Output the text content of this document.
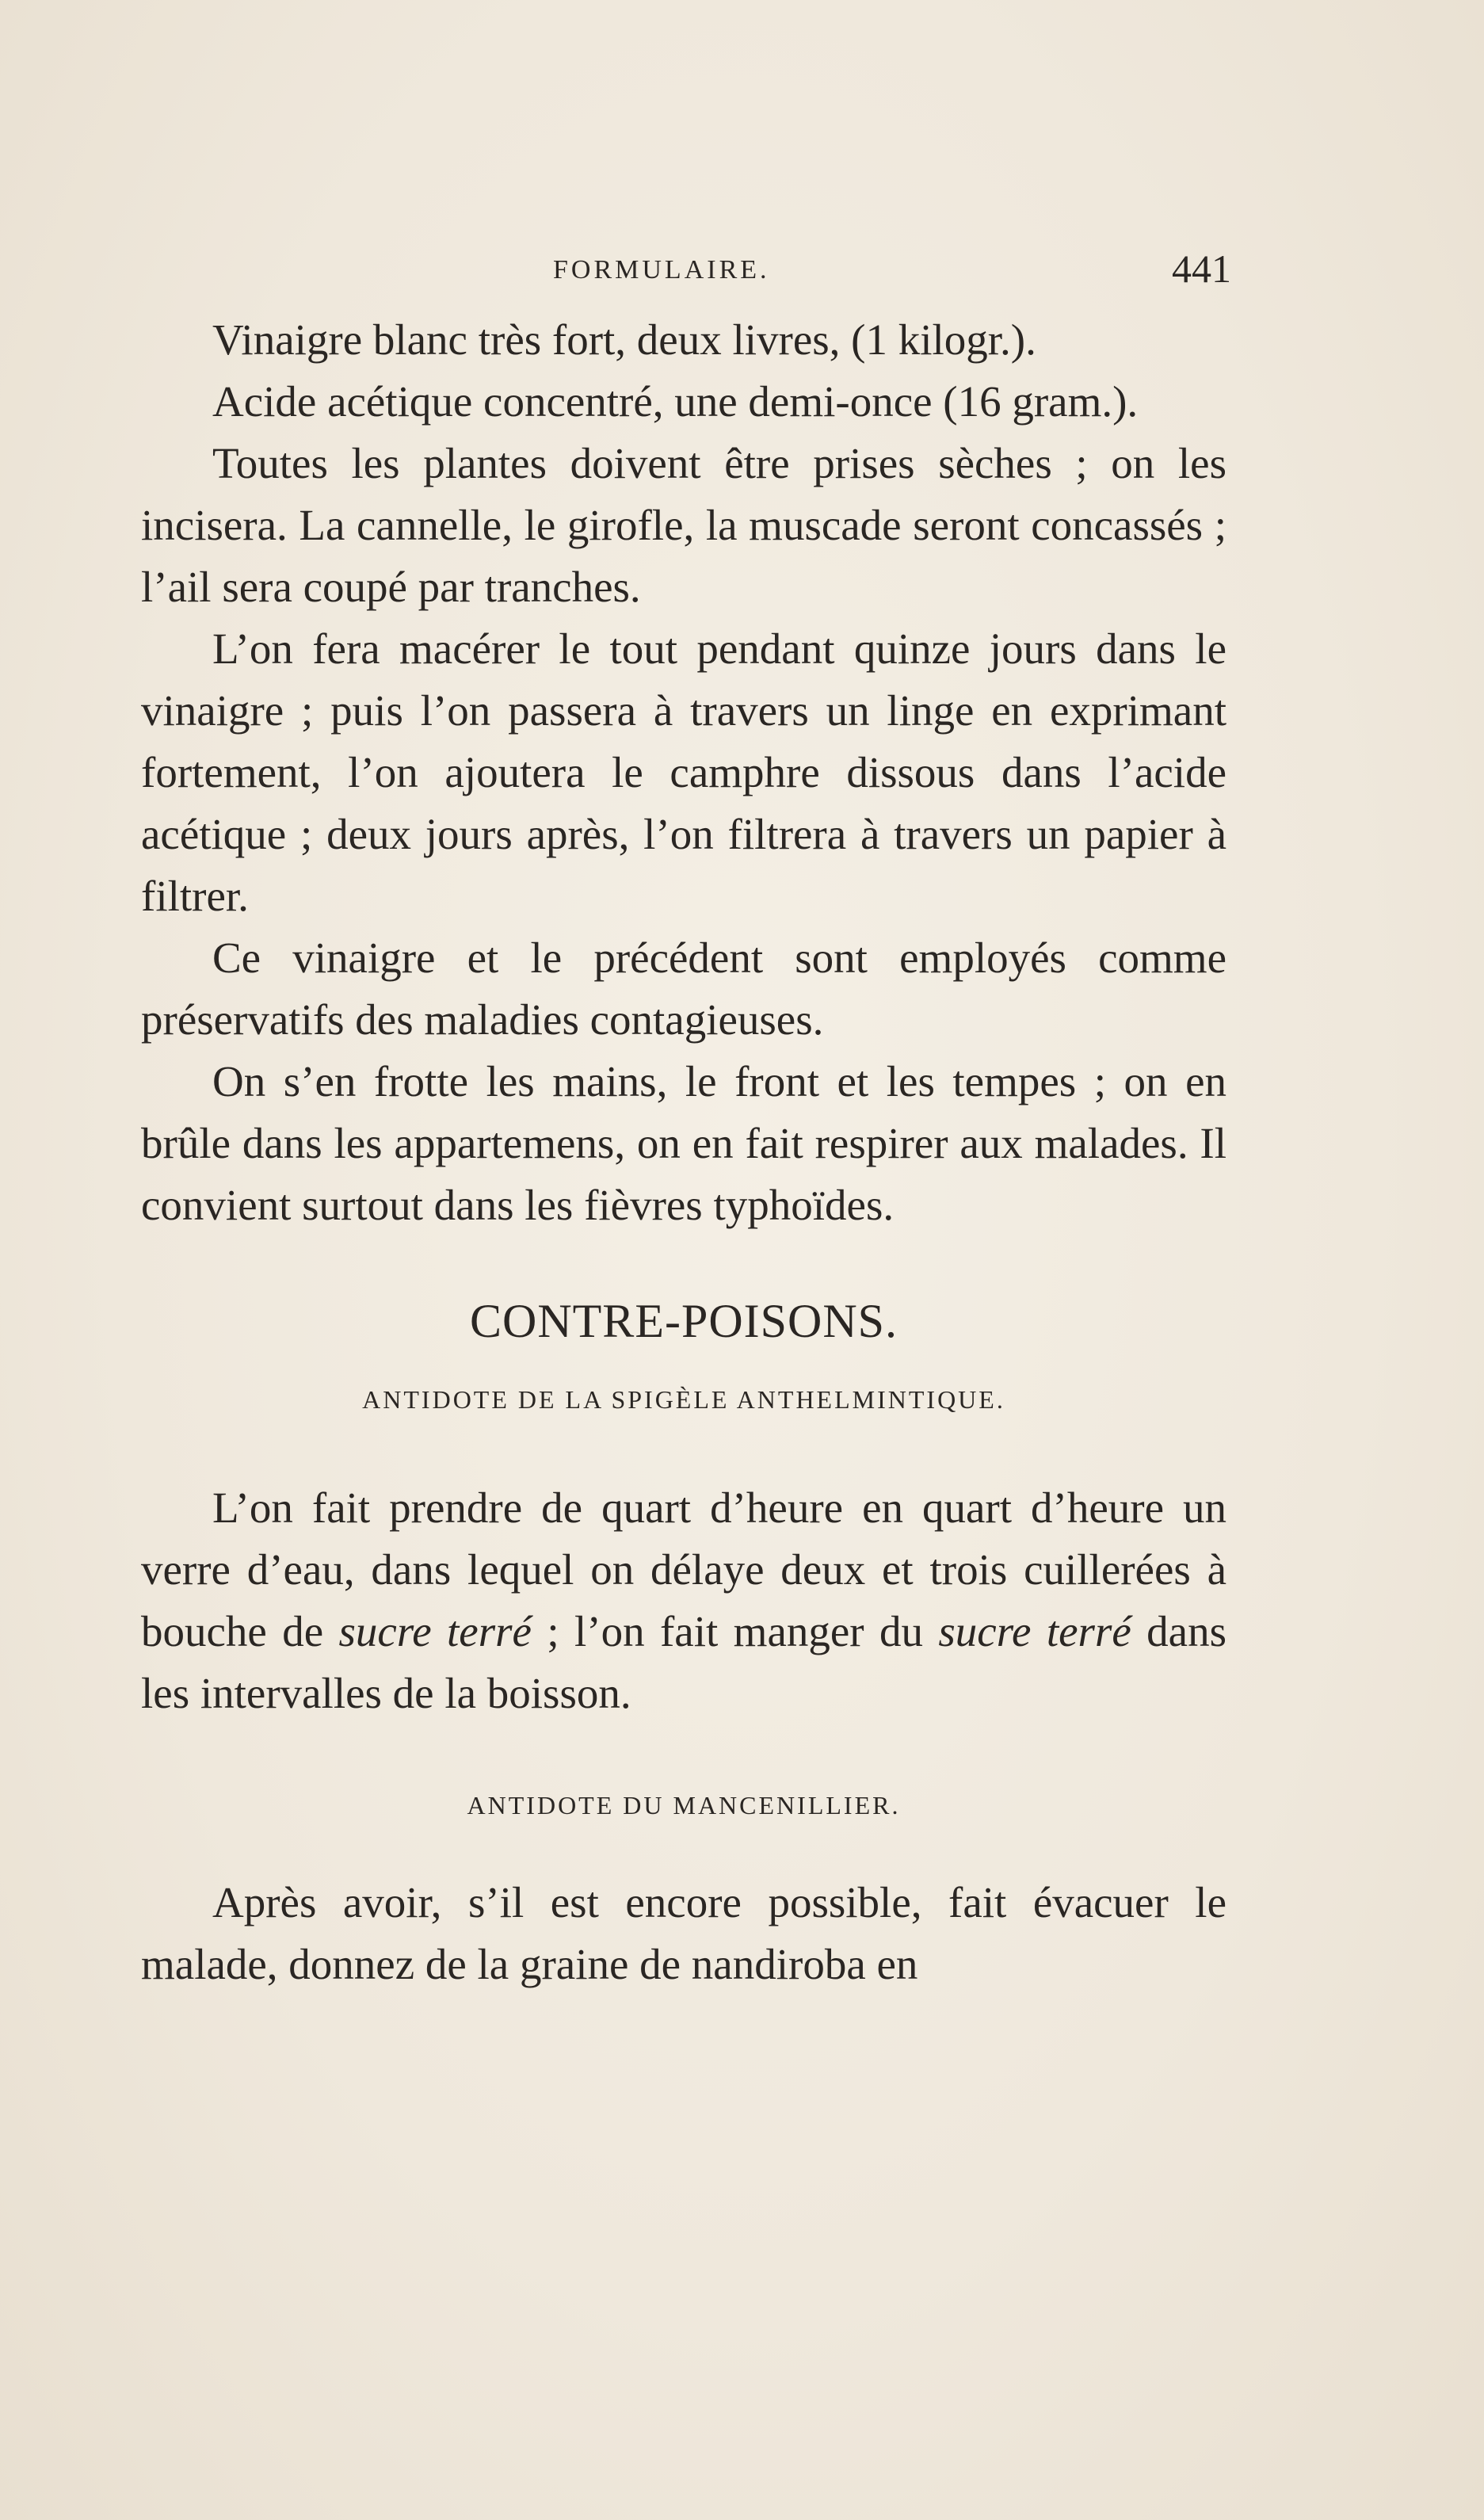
FORMULAIRE.	441

Vinaigre blanc très fort, deux livres, (1 kilogr.).

Acide acétique concentré, une demi-once (16 gram.).

Toutes les plantes doivent être prises sèches ; on les incisera. La cannelle, le girofle, la muscade seront concassés ; l’ail sera coupé par tranches.

L’on fera macérer le tout pendant quinze jours dans le vinaigre ; puis l’on passera à travers un linge en exprimant fortement, l’on ajoutera le camphre dissous dans l’acide acétique ; deux jours après, l’on filtrera à travers un papier à filtrer.

Ce vinaigre et le précédent sont employés comme préservatifs des maladies contagieuses.

On s’en frotte les mains, le front et les tempes ; on en brûle dans les appartemens, on en fait respirer aux malades. Il convient surtout dans les fièvres typhoïdes.

CONTRE-POISONS.
ANTIDOTE DE LA SPIGÈLE ANTHELMINTIQUE.

L’on fait prendre de quart d’heure en quart d’heure un verre d’eau, dans lequel on délaye deux et trois cuillerées à bouche de sucre terré ; l’on fait manger du sucre terré dans les intervalles de la boisson.

ANTIDOTE DU MANCENILLIER.

Après avoir, s’il est encore possible, fait évacuer le malade, donnez de la graine de nandiroba en
